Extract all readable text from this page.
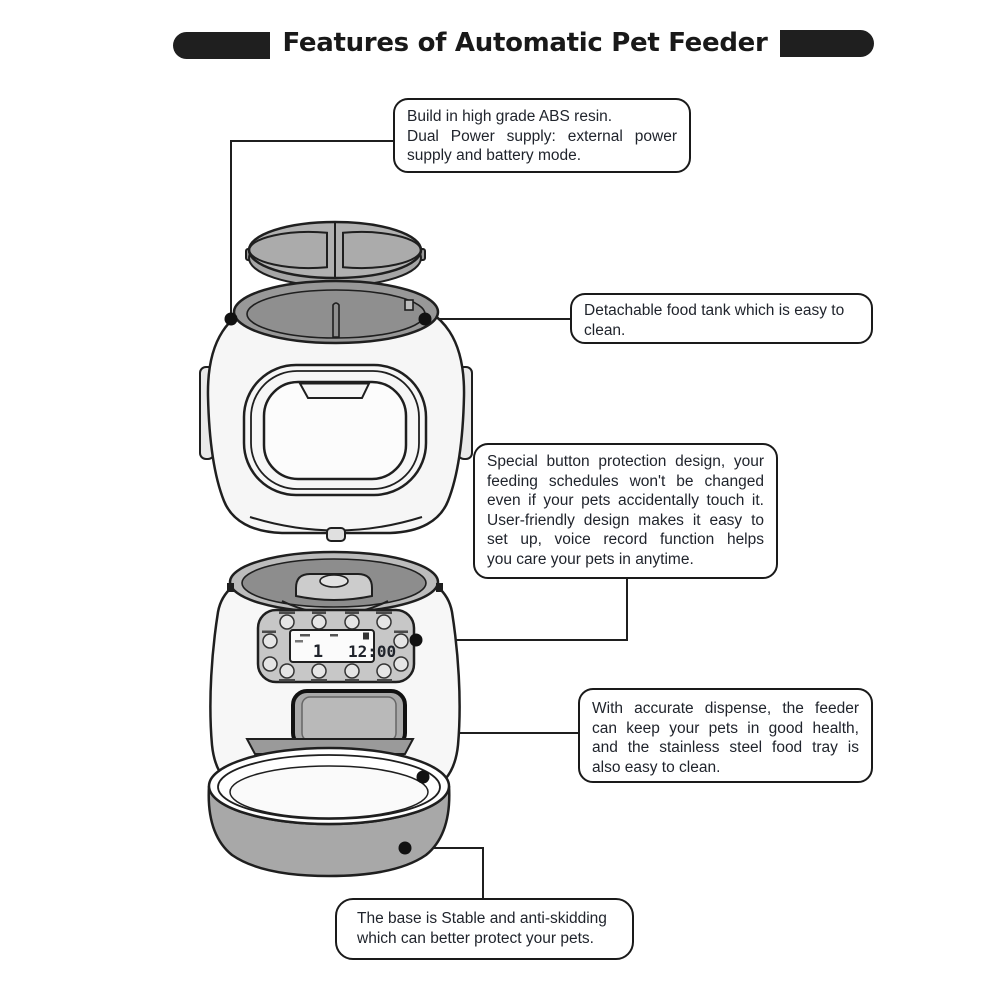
1 12:00
Features of Automatic Pet Feeder
Build in high grade ABS resin.
Dual Power supply: external power
supply and battery mode.
Detachable food tank which is easy to
clean.
Special button protection design, your
feeding schedules won't be changed
even if your pets accidentally touch it.
User-friendly design makes it easy to
set up, voice record function helps
you care your pets in anytime.
With accurate dispense, the feeder
can keep your pets in good health,
and the stainless steel food tray is
also easy to clean.
The base is Stable and anti-skidding
which can better protect your pets.
